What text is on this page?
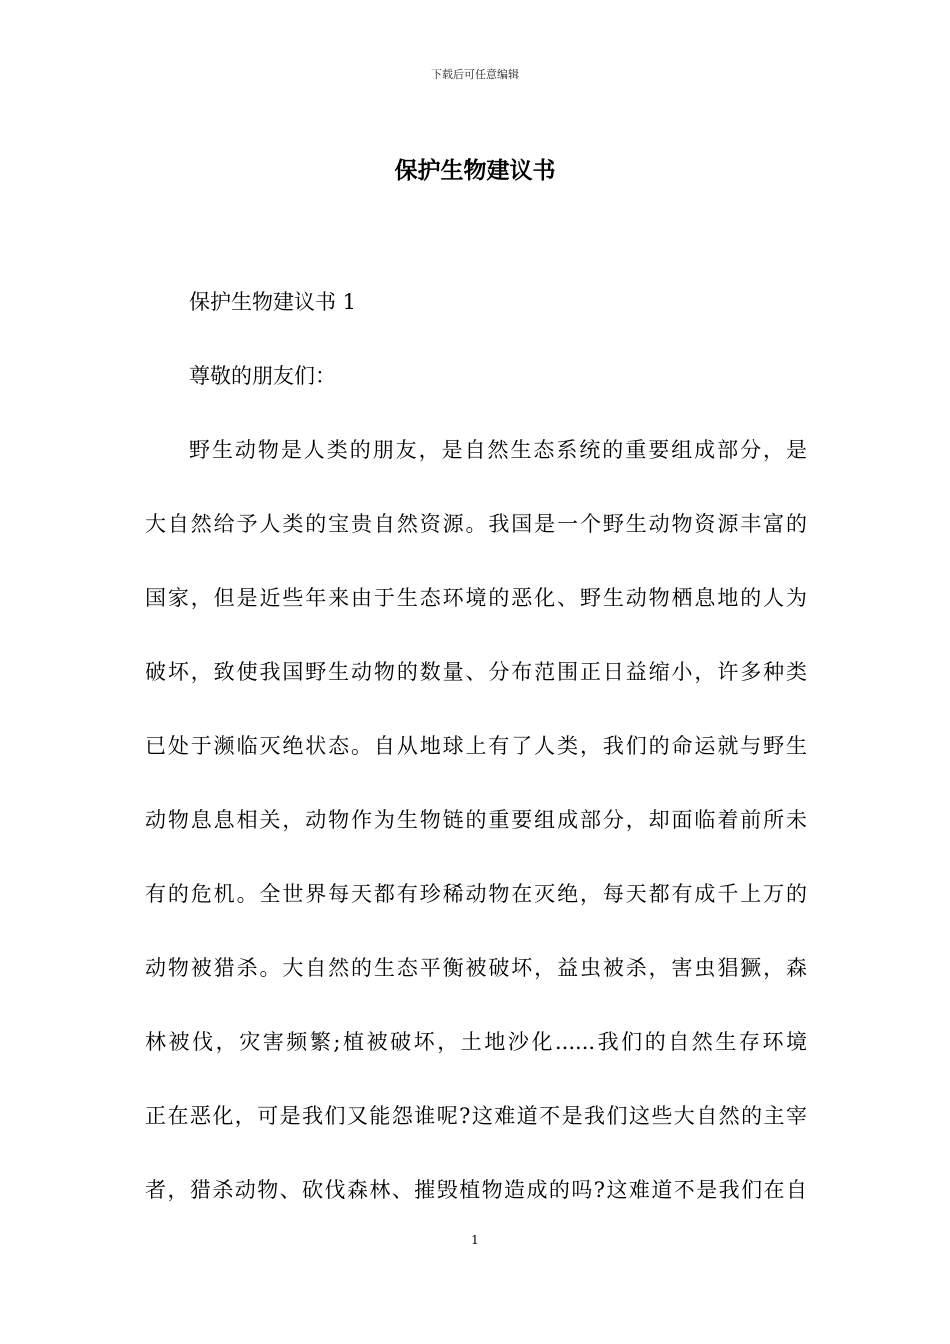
下载后可任意编辑
保护生物建议书
保护生物建议书 1
尊敬的朋友们：
野生动物是人类的朋友，是自然生态系统的重要组成部分，是
大自然给予人类的宝贵自然资源。我国是一个野生动物资源丰富的
国家，但是近些年来由于生态环境的恶化、野生动物栖息地的人为
破坏，致使我国野生动物的数量、分布范围正日益缩小，许多种类
已处于濒临灭绝状态。自从地球上有了人类，我们的命运就与野生
动物息息相关，动物作为生物链的重要组成部分，却面临着前所未
有的危机。全世界每天都有珍稀动物在灭绝，每天都有成千上万的
动物被猎杀。大自然的生态平衡被破坏，益虫被杀，害虫猖獗，森
林被伐，灾害频繁;植被破坏，土地沙化......我们的自然生存环境
正在恶化，可是我们又能怨谁呢?这难道不是我们这些大自然的主宰
者，猎杀动物、砍伐森林、摧毁植物造成的吗?这难道不是我们在自
1
